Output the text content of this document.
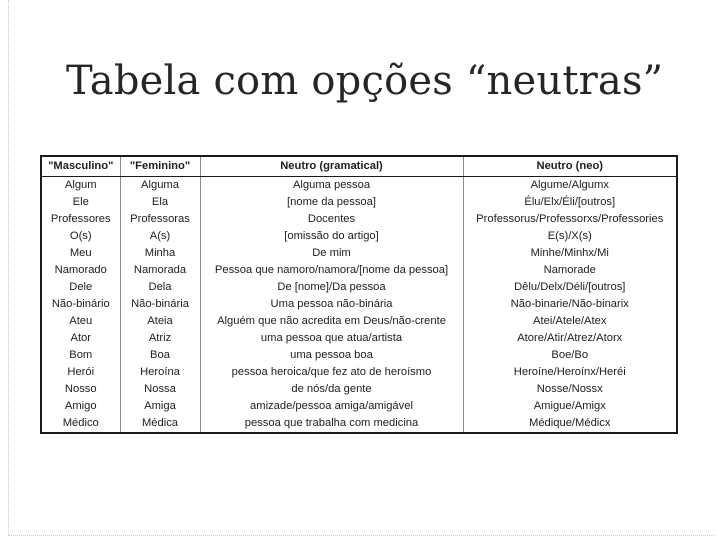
Tabela com opções “neutras”
"Masculino"	"Feminino"	Neutro (gramatical)	Neutro (neo)
Algum	Alguma	Alguma pessoa	Algume/Algumx
Ele	Ela	[nome da pessoa]	Élu/Elx/Éli/[outros]
Professores	Professoras	Docentes	Professorus/Professorxs/Professories
O(s)	A(s)	[omissão do artigo]	E(s)/X(s)
Meu	Minha	De mim	Minhe/Minhx/Mi
Namorado	Namorada	Pessoa que namoro/namora/[nome da pessoa]	Namorade
Dele	Dela	De [nome]/Da pessoa	Dêlu/Delx/Déli/[outros]
Não-binário	Não-binária	Uma pessoa não-binária	Não-binarie/Não-binarix
Ateu	Ateia	Alguém que não acredita em Deus/não-crente	Atei/Atele/Atex
Ator	Atriz	uma pessoa que atua/artista	Atore/Atir/Atrez/Atorx
Bom	Boa	uma pessoa boa	Boe/Bo
Herói	Heroína	pessoa heroica/que fez ato de heroísmo	Heroíne/Heroínx/Heréi
Nosso	Nossa	de nós/da gente	Nosse/Nossx
Amigo	Amiga	amizade/pessoa amiga/amigável	Amigue/Amigx
Médico	Médica	pessoa que trabalha com medicina	Médique/Médicx
